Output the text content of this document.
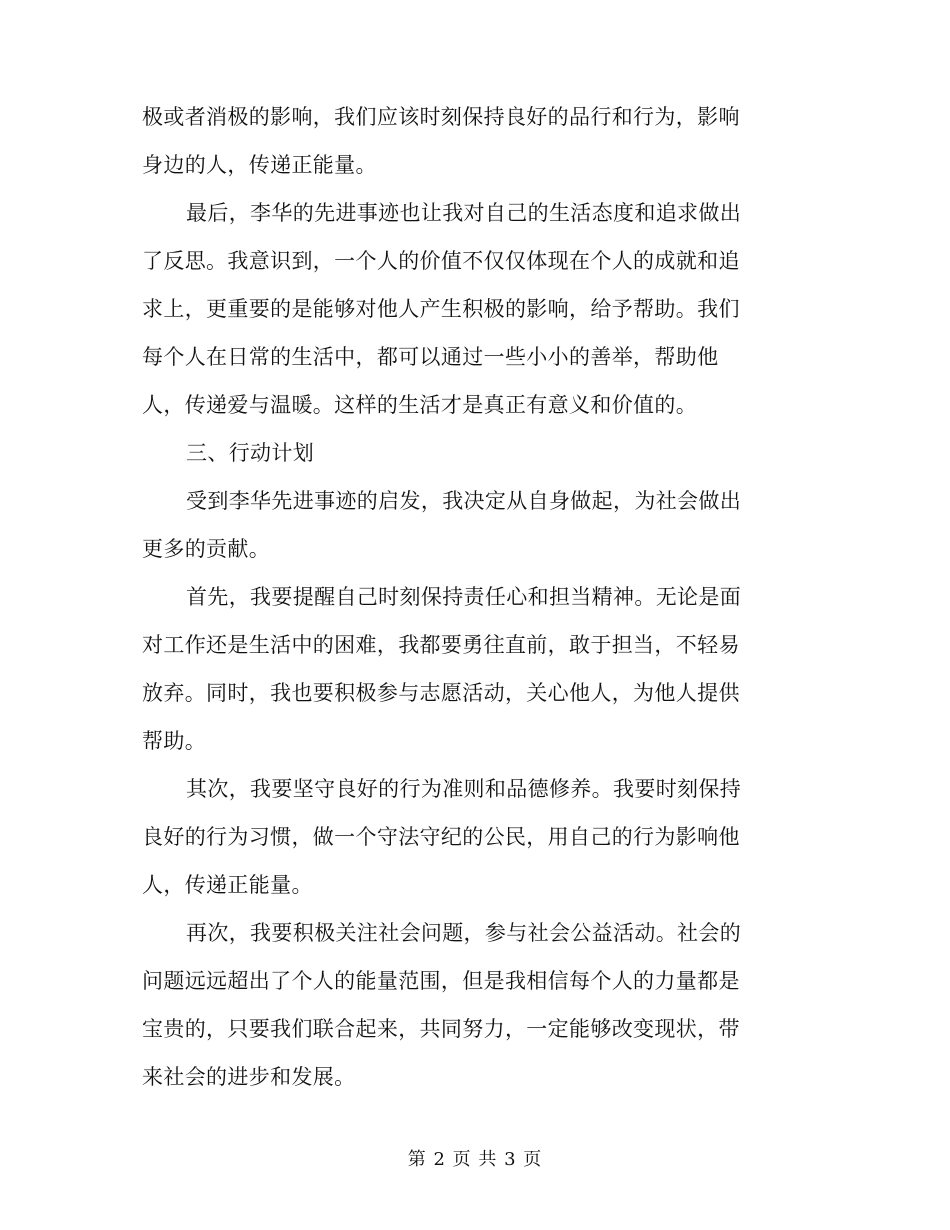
极或者消极的影响，我们应该时刻保持良好的品行和行为，影响
身边的人，传递正能量。
最后，李华的先进事迹也让我对自己的生活态度和追求做出
了反思。我意识到，一个人的价值不仅仅体现在个人的成就和追
求上，更重要的是能够对他人产生积极的影响，给予帮助。我们
每个人在日常的生活中，都可以通过一些小小的善举，帮助他
人，传递爱与温暖。这样的生活才是真正有意义和价值的。
三、行动计划
受到李华先进事迹的启发，我决定从自身做起，为社会做出
更多的贡献。
首先，我要提醒自己时刻保持责任心和担当精神。无论是面
对工作还是生活中的困难，我都要勇往直前，敢于担当，不轻易
放弃。同时，我也要积极参与志愿活动，关心他人，为他人提供
帮助。
其次，我要坚守良好的行为准则和品德修养。我要时刻保持
良好的行为习惯，做一个守法守纪的公民，用自己的行为影响他
人，传递正能量。
再次，我要积极关注社会问题，参与社会公益活动。社会的
问题远远超出了个人的能量范围，但是我相信每个人的力量都是
宝贵的，只要我们联合起来，共同努力，一定能够改变现状，带
来社会的进步和发展。
第 2 页 共 3 页
